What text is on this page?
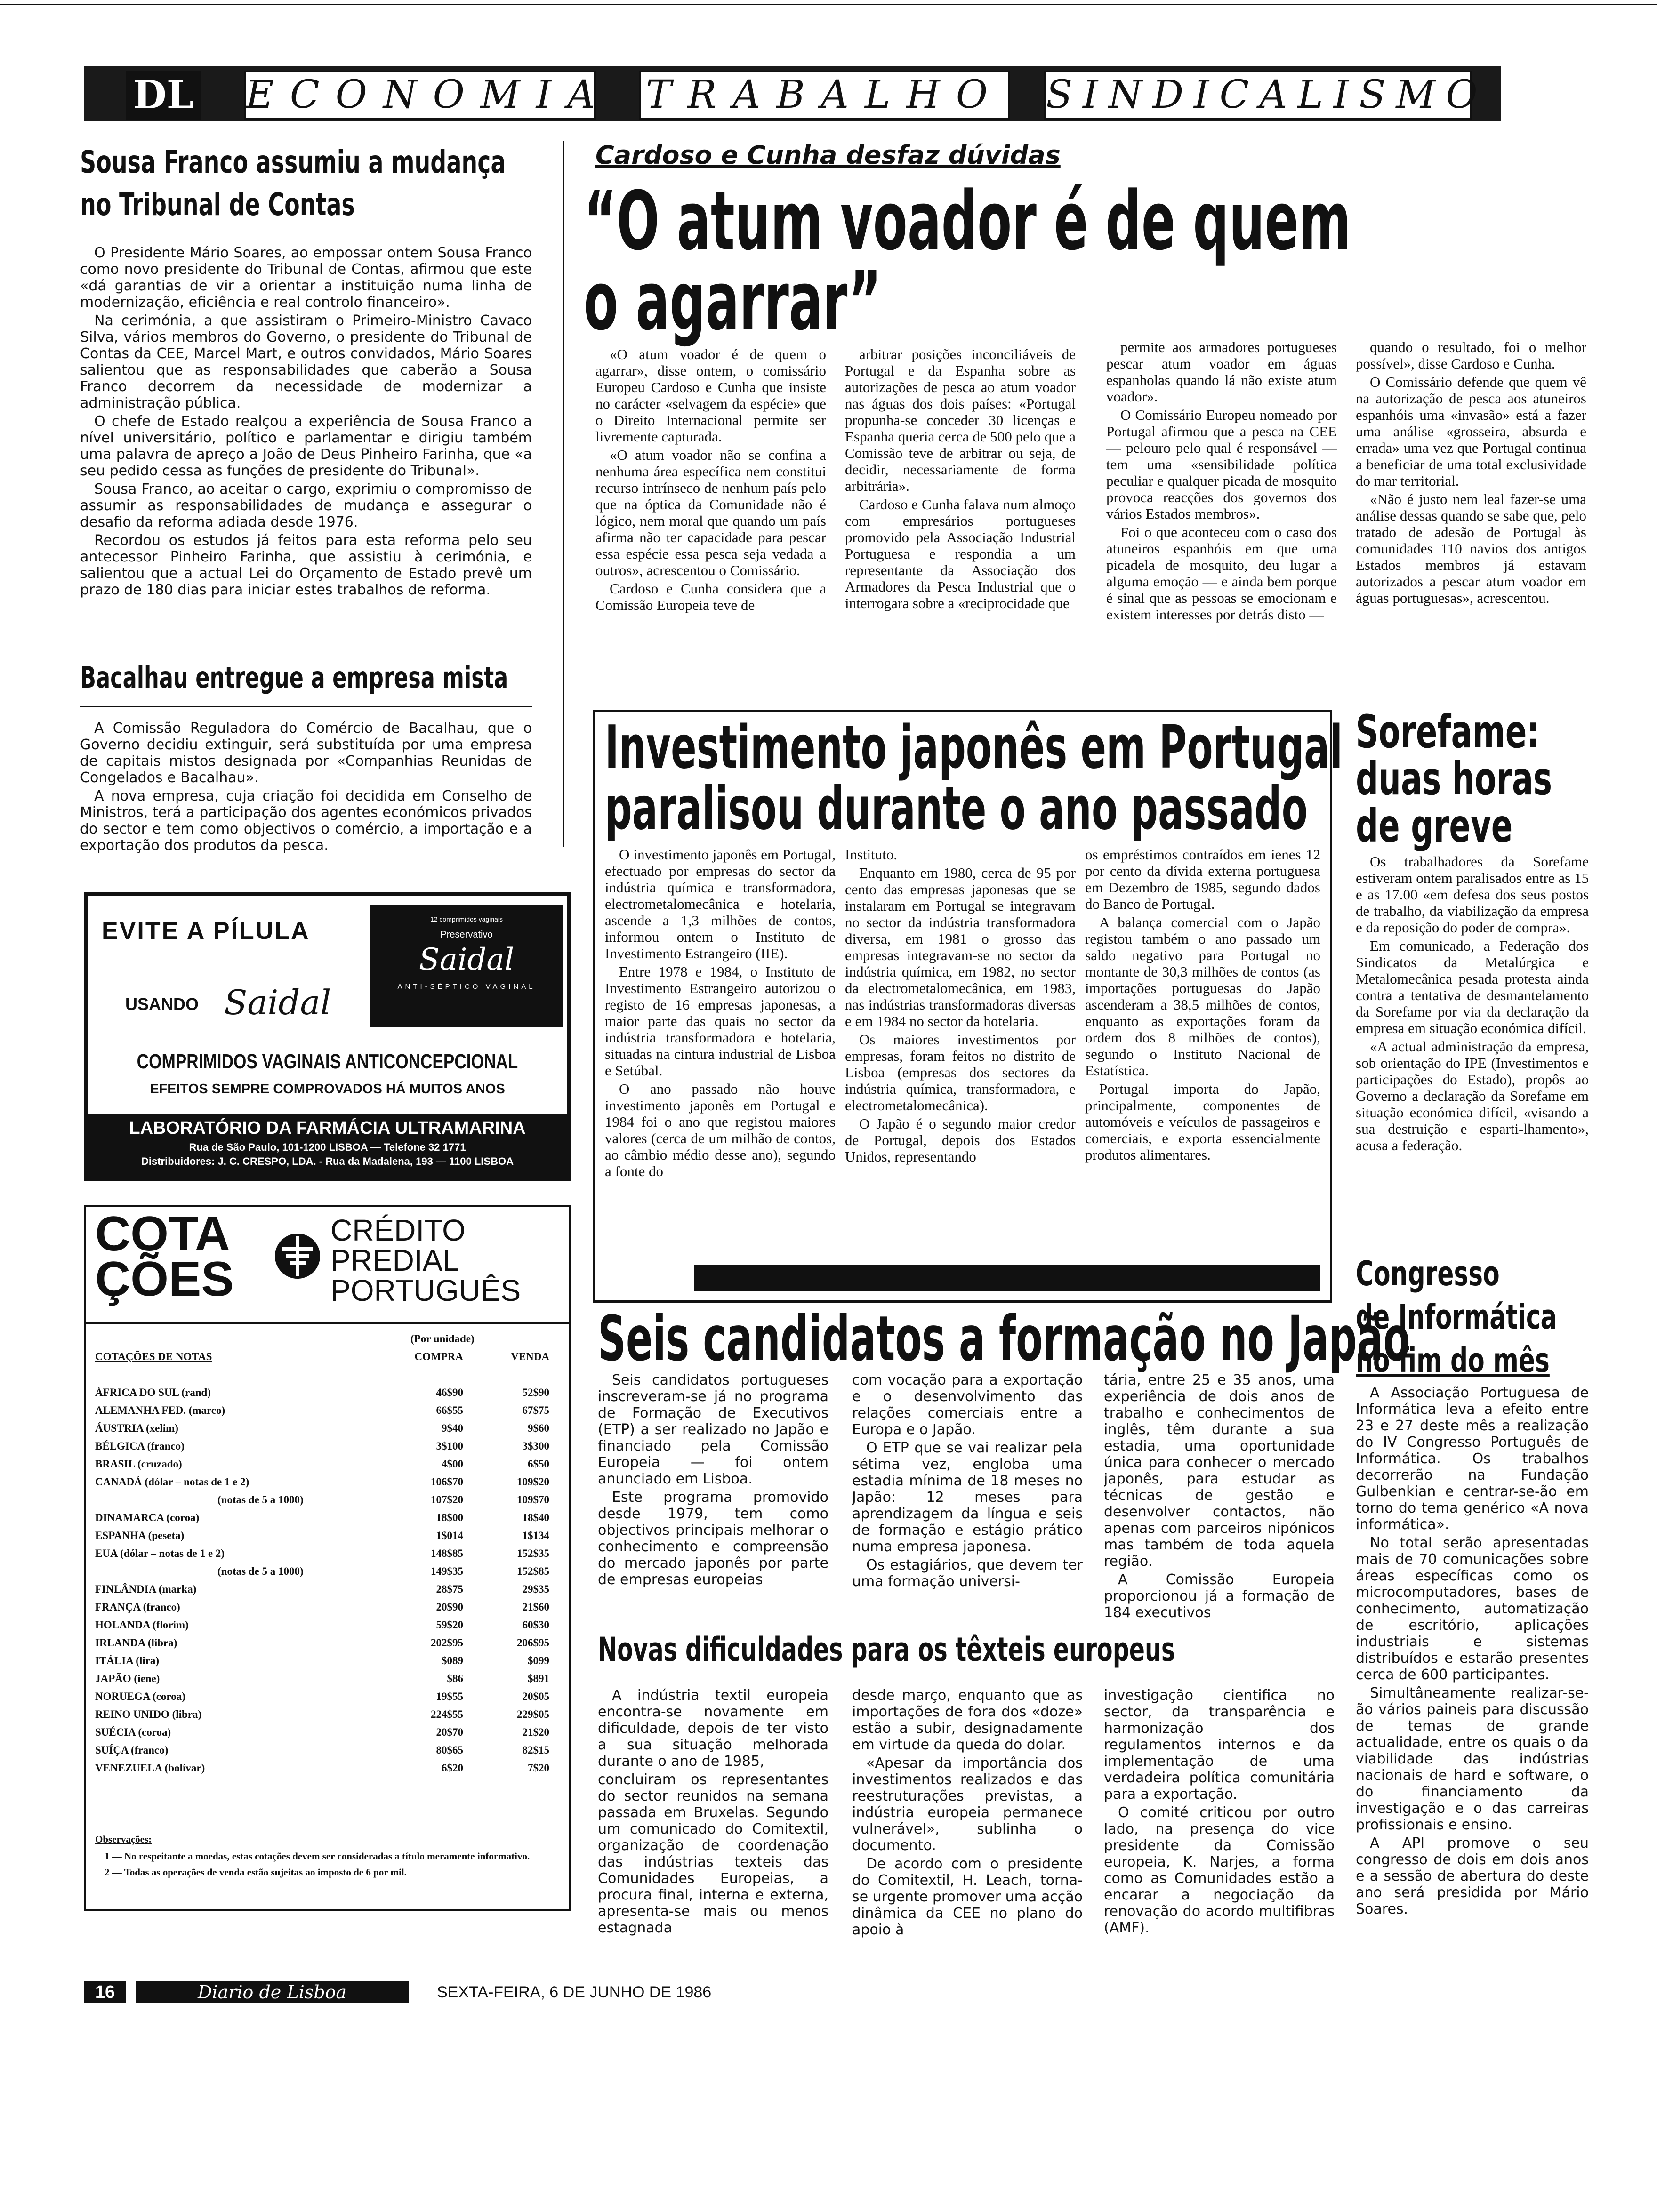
DL ECONOMIA TRABALHO SINDICALISMO
Sousa Franco assumiu a mudança
no Tribunal de Contas

O Presidente Mário Soares, ao empossar ontem Sousa Franco como novo presidente do Tribunal de Contas, afirmou que este «dá garantias de vir a orientar a instituição numa linha de modernização, eficiência e real controlo financeiro».

Na cerimónia, a que assistiram o Primeiro-Ministro Cavaco Silva, vários membros do Governo, o presidente do Tribunal de Contas da CEE, Marcel Mart, e outros convidados, Mário Soares salientou que as responsabilidades que caberão a Sousa Franco decorrem da necessidade de modernizar a administração pública.

O chefe de Estado realçou a experiência de Sousa Franco a nível universitário, político e parlamentar e dirigiu também uma palavra de apreço a João de Deus Pinheiro Farinha, que «a seu pedido cessa as funções de presidente do Tribunal».

Sousa Franco, ao aceitar o cargo, exprimiu o compromisso de assumir as responsabilidades de mudança e assegurar o desafio da reforma adiada desde 1976.

Recordou os estudos já feitos para esta reforma pelo seu antecessor Pinheiro Farinha, que assistiu à cerimónia, e salientou que a actual Lei do Orçamento de Estado prevê um prazo de 180 dias para iniciar estes trabalhos de reforma.

Bacalhau entregue a empresa mista

A Comissão Reguladora do Comércio de Bacalhau, que o Governo decidiu extinguir, será substituída por uma empresa de capitais mistos designada por «Companhias Reunidas de Congelados e Bacalhau».

A nova empresa, cuja criação foi decidida em Conselho de Ministros, terá a participação dos agentes económicos privados do sector e tem como objectivos o comércio, a importação e a exportação dos produtos da pesca.

EVITE A PÍLULA
USANDO Saidal
12 comprimidos vaginais
Preservativo
Saidal
ANTI-SÉPTICO VAGINAL
COMPRIMIDOS VAGINAIS ANTICONCEPCIONAL
EFEITOS SEMPRE COMPROVADOS HÁ MUITOS ANOS
LABORATÓRIO DA FARMÁCIA ULTRAMARINA
Rua de São Paulo, 101-1200 LISBOA — Telefone 32 1771
Distribuidores: J. C. CRESPO, LDA. - Rua da Madalena, 193 — 1100 LISBOA
COTA
ÇÕES
CRÉDITO
PREDIAL
PORTUGUÊS
(Por unidade)
COTAÇÕES DE NOTAS	COMPRA	VENDA

ÁFRICA DO SUL (rand)	46$90	52$90
ALEMANHA FED. (marco)	66$55	67$75
ÁUSTRIA (xelim)	9$40	9$60
BÉLGICA (franco)	3$100	3$300
BRASIL (cruzado)	4$00	6$50
CANADÁ (dólar – notas de 1 e 2)	106$70	109$20
(notas de 5 a 1000)	107$20	109$70
DINAMARCA (coroa)	18$00	18$40
ESPANHA (peseta)	1$014	1$134
EUA (dólar – notas de 1 e 2)	148$85	152$35
(notas de 5 a 1000)	149$35	152$85
FINLÂNDIA (marka)	28$75	29$35
FRANÇA (franco)	20$90	21$60
HOLANDA (florim)	59$20	60$30
IRLANDA (libra)	202$95	206$95
ITÁLIA (lira)	$089	$099
JAPÃO (iene)	$86	$891
NORUEGA (coroa)	19$55	20$05
REINO UNIDO (libra)	224$55	229$05
SUÉCIA (coroa)	20$70	21$20
SUÍÇA (franco)	80$65	82$15
VENEZUELA (bolívar)	6$20	7$20
Observações:
1 — No respeitante a moedas, estas cotações devem ser consideradas a título meramente informativo.
2 — Todas as operações de venda estão sujeitas ao imposto de 6 por mil.
Cardoso e Cunha desfaz dúvidas
“O atum voador é de quem
o agarrar”

«O atum voador é de quem o agarrar», disse ontem, o comissário Europeu Cardoso e Cunha que insiste no carácter «selvagem da espécie» que o Direito Internacional permite ser livremente capturada.

«O atum voador não se confina a nenhuma área específica nem constitui recurso intrínseco de nenhum país pelo que na óptica da Comunidade não é lógico, nem moral que quando um país afirma não ter capacidade para pescar essa espécie essa pesca seja vedada a outros», acrescentou o Comissário.

Cardoso e Cunha considera que a Comissão Europeia teve de

arbitrar posições inconciliáveis de Portugal e da Espanha sobre as autorizações de pesca ao atum voador nas águas dos dois países: «Portugal propunha-se conceder 30 licenças e Espanha queria cerca de 500 pelo que a Comissão teve de arbitrar ou seja, de decidir, necessariamente de forma arbitrária».

Cardoso e Cunha falava num almoço com empresários portugueses promovido pela Associação Industrial Portuguesa e respondia a um representante da Associação dos Armadores da Pesca Industrial que o interrogara sobre a «reciprocidade que

permite aos armadores portugueses pescar atum voador em águas espanholas quando lá não existe atum voador».

O Comissário Europeu nomeado por Portugal afirmou que a pesca na CEE — pelouro pelo qual é responsável — tem uma «sensibilidade política peculiar e qualquer picada de mosquito provoca reacções dos governos dos vários Estados membros».

Foi o que aconteceu com o caso dos atuneiros espanhóis em que uma picadela de mosquito, deu lugar a alguma emoção — e ainda bem porque é sinal que as pessoas se emocionam e existem interesses por detrás disto —

quando o resultado, foi o melhor possível», disse Cardoso e Cunha.

O Comissário defende que quem vê na autorização de pesca aos atuneiros espanhóis uma «invasão» está a fazer uma análise «grosseira, absurda e errada» uma vez que Portugal continua a beneficiar de uma total exclusividade do mar territorial.

«Não é justo nem leal fazer-se uma análise dessas quando se sabe que, pelo tratado de adesão de Portugal às comunidades 110 navios dos antigos Estados membros já estavam autorizados a pescar atum voador em águas portuguesas», acrescentou.

Investimento japonês em Portugal
paralisou durante o ano passado

O investimento japonês em Portugal, efectuado por empresas do sector da indústria química e transformadora, electrometalomecânica e hotelaria, ascende a 1,3 milhões de contos, informou ontem o Instituto de Investimento Estrangeiro (IIE).

Entre 1978 e 1984, o Instituto de Investimento Estrangeiro autorizou o registo de 16 empresas japonesas, a maior parte das quais no sector da indústria transformadora e hotelaria, situadas na cintura industrial de Lisboa e Setúbal.

O ano passado não houve investimento japonês em Portugal e 1984 foi o ano que registou maiores valores (cerca de um milhão de contos, ao câmbio médio desse ano), segundo a fonte do

Instituto.

Enquanto em 1980, cerca de 95 por cento das empresas japonesas que se instalaram em Portugal se integravam no sector da indústria transformadora diversa, em 1981 o grosso das empresas integravam-se no sector da indústria química, em 1982, no sector da electrometalomecânica, em 1983, nas indústrias transformadoras diversas e em 1984 no sector da hotelaria.

Os maiores investimentos por empresas, foram feitos no distrito de Lisboa (empresas dos sectores da indústria química, transformadora, e electrometalomecânica).

O Japão é o segundo maior credor de Portugal, depois dos Estados Unidos, representando

os empréstimos contraídos em ienes 12 por cento da dívida externa portuguesa em Dezembro de 1985, segundo dados do Banco de Portugal.

A balança comercial com o Japão registou também o ano passado um saldo negativo para Portugal no montante de 30,3 milhões de contos (as importações portuguesas do Japão ascenderam a 38,5 milhões de contos, enquanto as exportações foram da ordem dos 8 milhões de contos), segundo o Instituto Nacional de Estatística.

Portugal importa do Japão, principalmente, componentes de automóveis e veículos de passageiros e comerciais, e exporta essencialmente produtos alimentares.

Sorefame:
duas horas
de greve

Os trabalhadores da Sorefame estiveram ontem paralisados entre as 15 e as 17.00 «em defesa dos seus postos de trabalho, da viabilização da empresa e da reposição do poder de compra».

Em comunicado, a Federação dos Sindicatos da Metalúrgica e Metalomecânica pesada protesta ainda contra a tentativa de desmantelamento da Sorefame por via da declaração da empresa em situação económica difícil.

«A actual administração da empresa, sob orientação do IPE (Investimentos e participações do Estado), propôs ao Governo a declaração da Sorefame em situação económica difícil, «visando a sua destruição e esparti-lhamento», acusa a federação.

Congresso
de Informática
no fim do mês

A Associação Portuguesa de Informática leva a efeito entre 23 e 27 deste mês a realização do IV Congresso Português de Informática. Os trabalhos decorrerão na Fundação Gulbenkian e centrar-se-ão em torno do tema genérico «A nova informática».

No total serão apresentadas mais de 70 comunicações sobre áreas específicas como os microcomputadores, bases de conhecimento, automatização de escritório, aplicações industriais e sistemas distribuídos e estarão presentes cerca de 600 participantes.

Simultâneamente realizar-se-ão vários paineis para discussão de temas de grande actualidade, entre os quais o da viabilidade das indústrias nacionais de hard e software, o do financiamento da investigação e o das carreiras profissionais e ensino.

A API promove o seu congresso de dois em dois anos e a sessão de abertura do deste ano será presidida por Mário Soares.

Seis candidatos a formação no Japão

Seis candidatos portugueses inscreveram-se já no programa de Formação de Executivos (ETP) a ser realizado no Japão e financiado pela Comissão Europeia — foi ontem anunciado em Lisboa.

Este programa promovido desde 1979, tem como objectivos principais melhorar o conhecimento e compreensão do mercado japonês por parte de empresas europeias

com vocação para a exportação e o desenvolvimento das relações comerciais entre a Europa e o Japão.

O ETP que se vai realizar pela sétima vez, engloba uma estadia mínima de 18 meses no Japão: 12 meses para aprendizagem da língua e seis de formação e estágio prático numa empresa japonesa.

Os estagiários, que devem ter uma formação universi-

tária, entre 25 e 35 anos, uma experiência de dois anos de trabalho e conhecimentos de inglês, têm durante a sua estadia, uma oportunidade única para conhecer o mercado japonês, para estudar as técnicas de gestão e desenvolver contactos, não apenas com parceiros nipónicos mas também de toda aquela região.

A Comissão Europeia proporcionou já a formação de 184 executivos

Novas dificuldades para os têxteis europeus

A indústria textil europeia encontra-se novamente em dificuldade, depois de ter visto a sua situação melhorada durante o ano de 1985,

concluiram os representantes do sector reunidos na semana passada em Bruxelas. Segundo um comunicado do Comitextil, organização de coordenação das indústrias texteis das Comunidades Europeias, a procura final, interna e externa, apresenta-se mais ou menos estagnada

desde março, enquanto que as importações de fora dos «doze» estão a subir, designadamente em virtude da queda do dolar.

«Apesar da importância dos investimentos realizados e das reestruturações previstas, a indústria europeia permanece vulnerável», sublinha o documento.

De acordo com o presidente do Comitextil, H. Leach, torna-se urgente promover uma acção dinâmica da CEE no plano do apoio à

investigação cientifica no sector, da transparência e harmonização dos regulamentos internos e da implementação de uma verdadeira política comunitária para a exportação.

O comité criticou por outro lado, na presença do vice presidente da Comissão europeia, K. Narjes, a forma como as Comunidades estão a encarar a negociação da renovação do acordo multifibras (AMF).

16	Diario de Lisboa	SEXTA-FEIRA, 6 DE JUNHO DE 1986
